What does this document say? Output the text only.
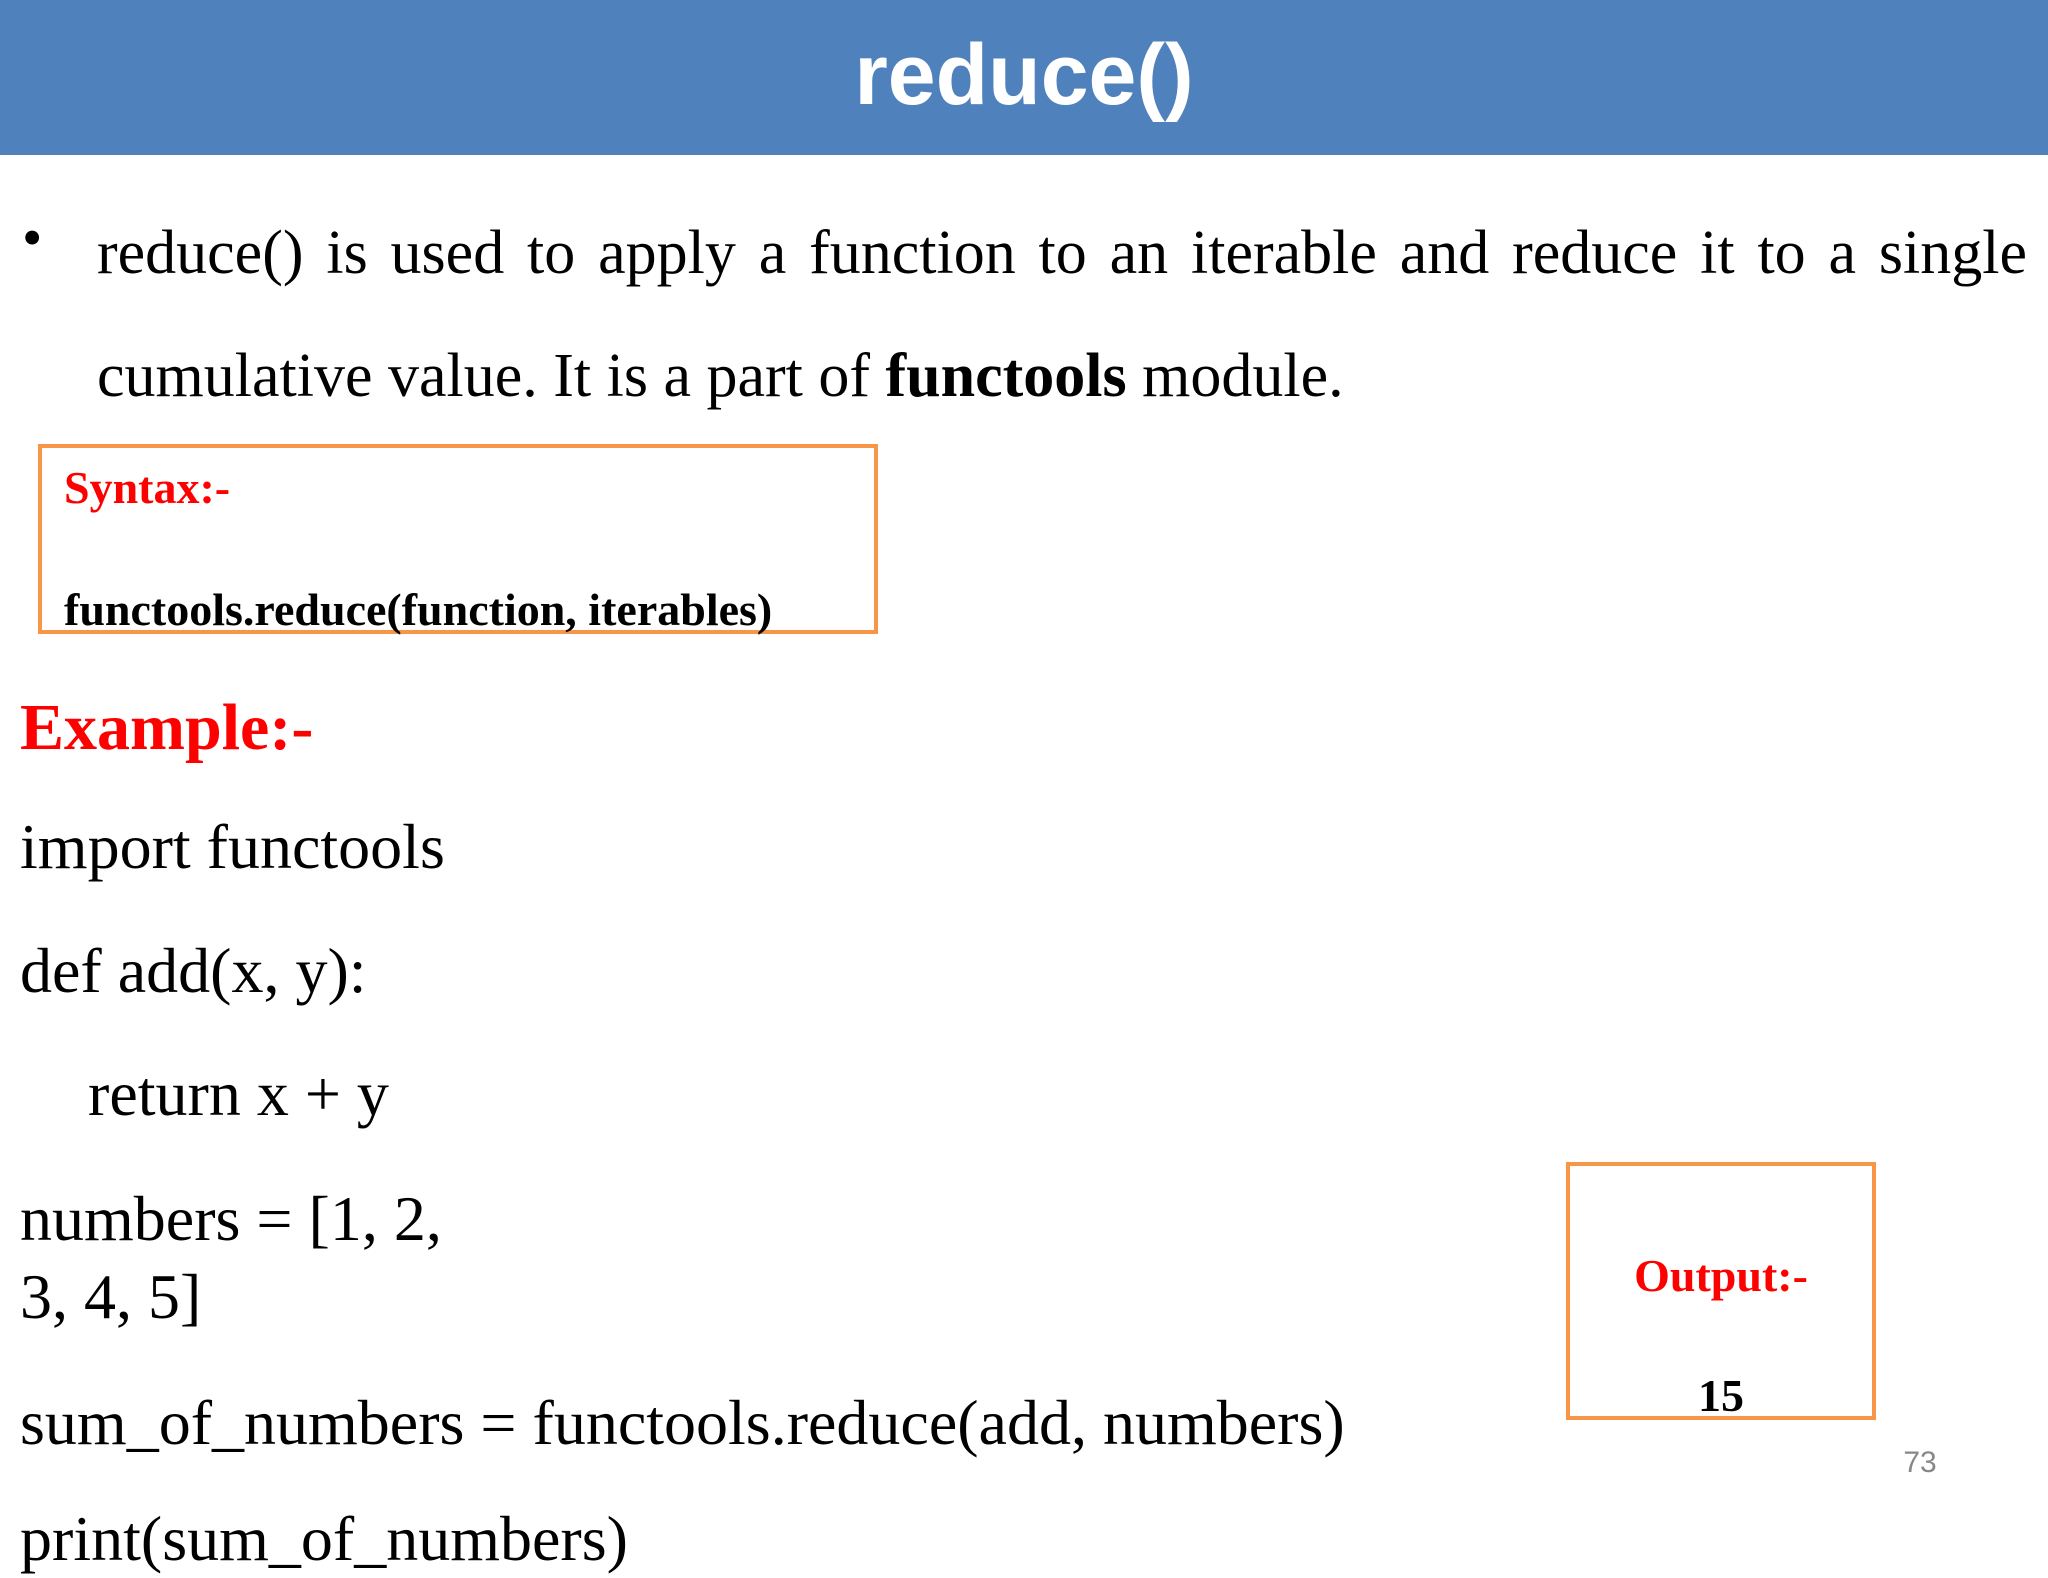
reduce()
• reduce() is used to apply a function to an iterable and reduce it to a single cumulative value. It is a part of functools module.
Syntax:-
functools.reduce(function, iterables)
Example:-
import functools
def add(x, y):
return x + y
numbers = [1, 2,
3, 4, 5]
sum_of_numbers = functools.reduce(add, numbers)
print(sum_of_numbers)
Output:-
15
73
